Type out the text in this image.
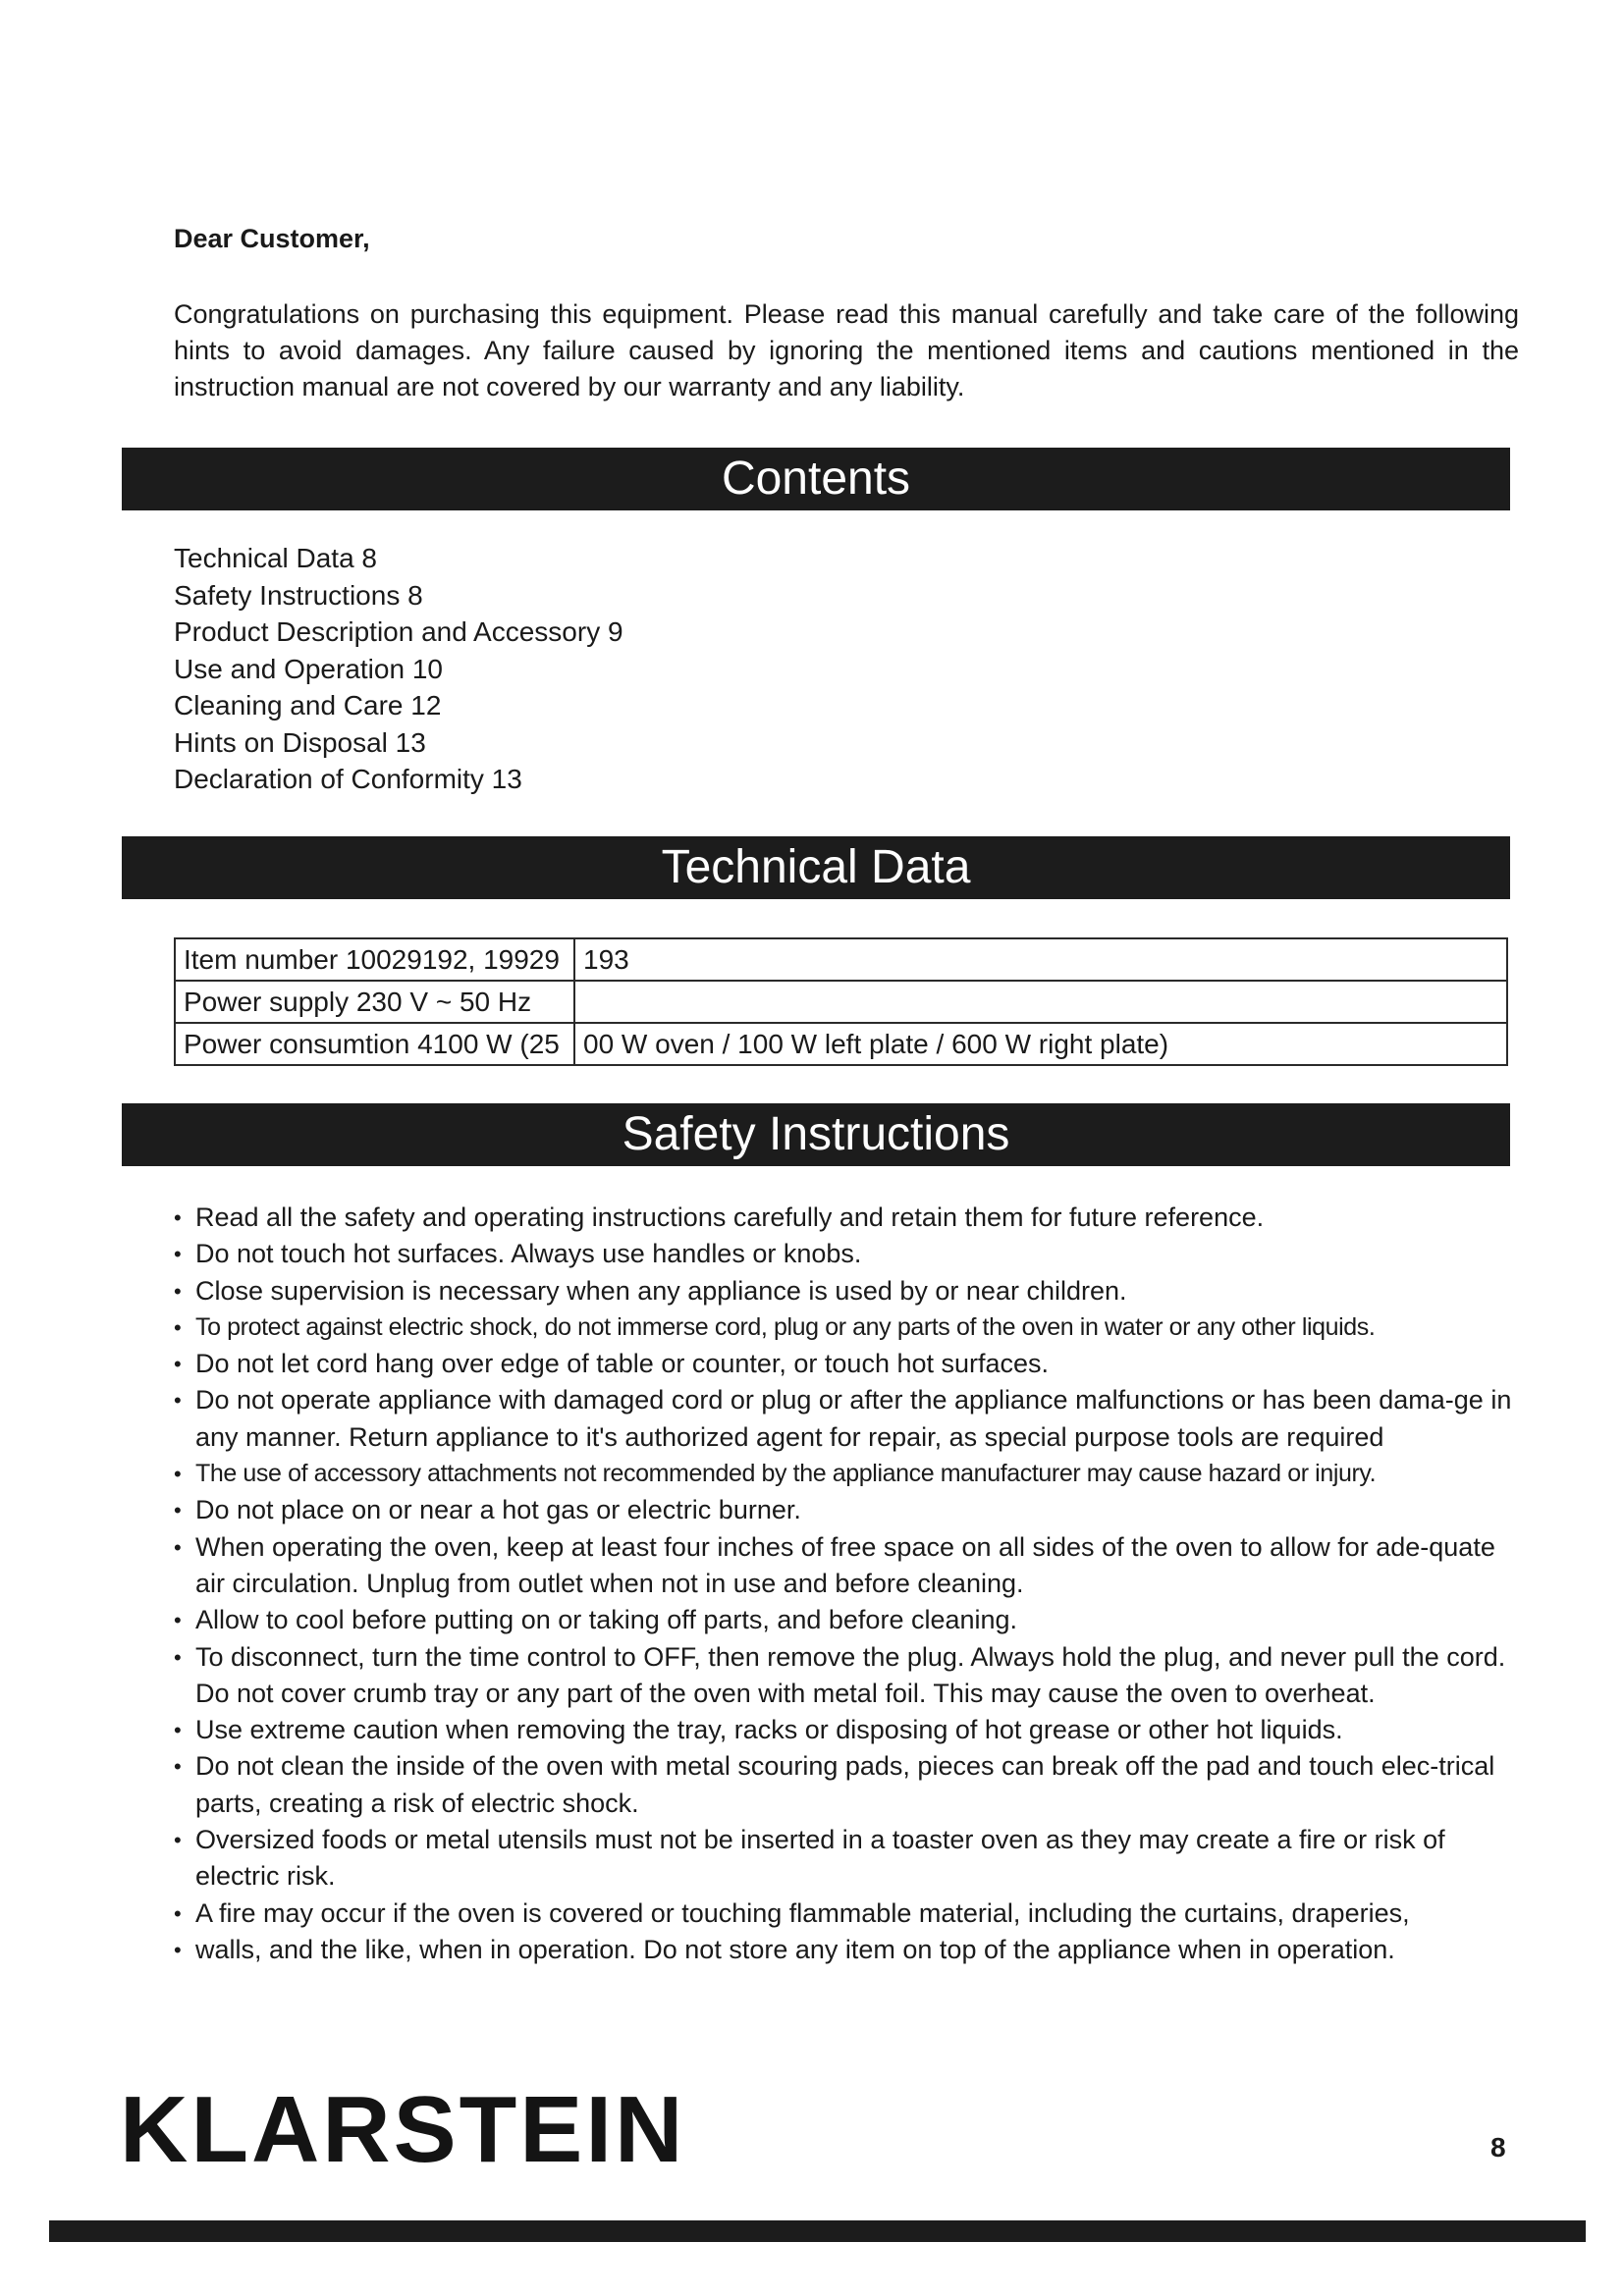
Dear Customer,
Congratulations on purchasing this equipment. Please read this manual carefully and take care of the following hints to avoid damages. Any failure caused by ignoring the mentioned items and cautions mentioned in the instruction manual are not covered by our warranty and any liability.
Contents
Technical Data 8
Safety Instructions 8
Product Description and Accessory 9
Use and Operation 10
Cleaning and Care 12
Hints on Disposal 13
Declaration of Conformity 13
Technical Data
Item number 10029192, 19929	193
Power supply 230 V ~ 50 Hz	
Power consumtion 4100 W (25	00 W oven / 100 W left plate / 600 W right plate)
Safety Instructions
• Read all the safety and operating instructions carefully and retain them for future reference.
• Do not touch hot surfaces. Always use handles or knobs.
• Close supervision is necessary when any appliance is used by or near children.
• To protect against electric shock, do not immerse cord, plug or any parts of the oven in water or any other liquids.
• Do not let cord hang over edge of table or counter, or touch hot surfaces.
• Do not operate appliance with damaged cord or plug or after the appliance malfunctions or has been dama-ge in any manner. Return appliance to it's authorized agent for repair, as special purpose tools are required
• The use of accessory attachments not recommended by the appliance manufacturer may cause hazard or injury.
• Do not place on or near a hot gas or electric burner.
• When operating the oven, keep at least four inches of free space on all sides of the oven to allow for ade-quate air circulation. Unplug from outlet when not in use and before cleaning.
• Allow to cool before putting on or taking off parts, and before cleaning.
• To disconnect, turn the time control to OFF, then remove the plug. Always hold the plug, and never pull the cord. Do not cover crumb tray or any part of the oven with metal foil. This may cause the oven to overheat.
• Use extreme caution when removing the tray, racks or disposing of hot grease or other hot liquids.
• Do not clean the inside of the oven with metal scouring pads, pieces can break off the pad and touch elec-trical parts, creating a risk of electric shock.
• Oversized foods or metal utensils must not be inserted in a toaster oven as they may create a fire or risk of electric risk.
• A fire may occur if the oven is covered or touching flammable material, including the curtains, draperies,
• walls, and the like, when in operation. Do not store any item on top of the appliance when in operation.
KLARSTEIN	8
